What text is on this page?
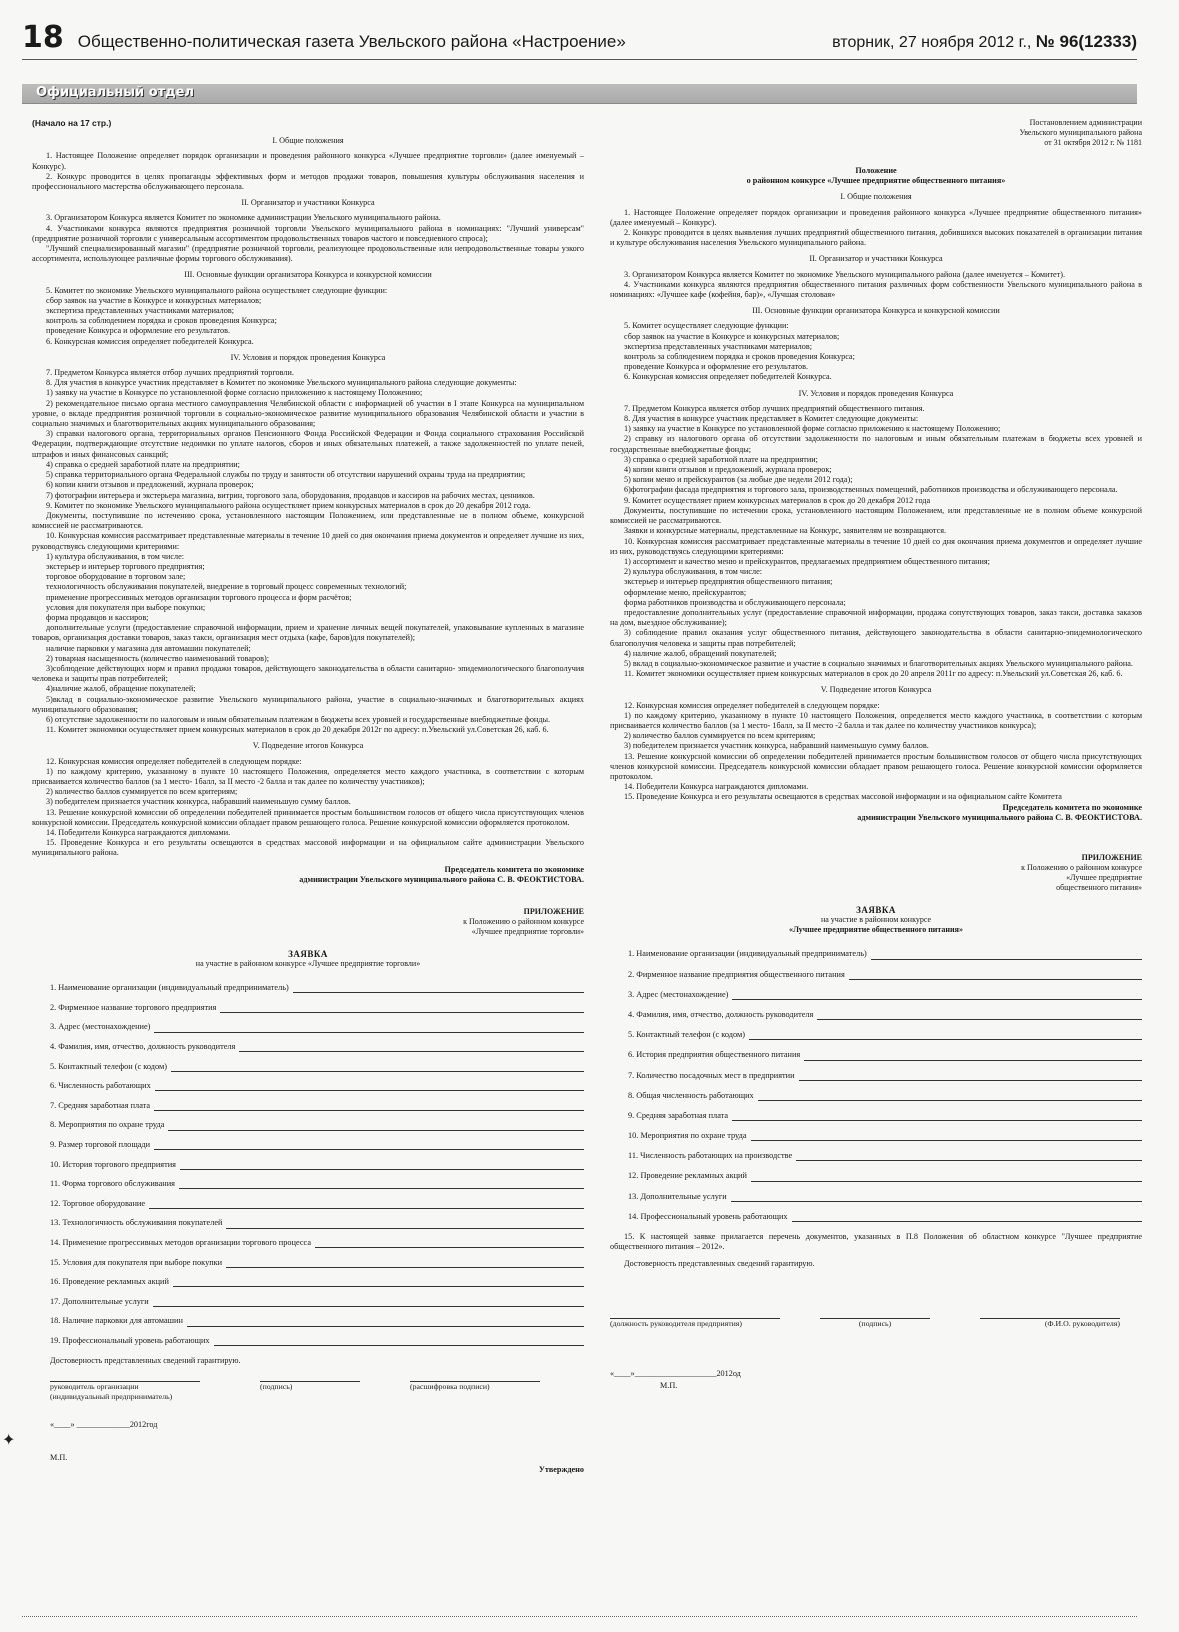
18 Общественно-политическая газета Увельского района «Настроение»	вторник, 27 ноября 2012 г., № 96(12333)
Официальный отдел
(Начало на 17 стр.)
I. Общие положения
1. Настоящее Положение определяет порядок организации и проведения районного конкурса «Лучшее предприятие торговли» (далее именуемый – Конкурс).
2. Конкурс проводится в целях пропаганды эффективных форм и методов продажи товаров, повышения культуры обслуживания населения и профессионального мастерства обслуживающего персонала.
II. Организатор и участники Конкурса
3. Организатором Конкурса является Комитет по экономике администрации Увельского муниципального района.
4. Участниками конкурса являются предприятия розничной торговли Увельского муниципального района в номинациях: "Лучший универсам" (предприятие розничной торговли с универсальным ассортиментом продовольственных товаров частого и повседневного спроса);
"Лучший специализированный магазин" (предприятие розничной торговли, реализующее продовольственные или непродовольственные товары узкого ассортимента, использующее различные формы торгового обслуживания).
III. Основные функции организатора Конкурса и конкурсной комиссии
5. Комитет по экономике Увельского муниципального района осуществляет следующие функции:
сбор заявок на участие в Конкурсе и конкурсных материалов;
экспертиза представленных участниками материалов;
контроль за соблюдением порядка и сроков проведения Конкурса;
проведение Конкурса и оформление его результатов.
6. Конкурсная комиссия определяет победителей Конкурса.
IV. Условия и порядок проведения Конкурса
7. Предметом Конкурса является отбор лучших предприятий торговли.
8. Для участия в конкурсе участник представляет в Комитет по экономике Увельского муниципального района следующие документы:
1) заявку на участие в Конкурсе по установленной форме согласно приложению к настоящему Положению;
2) рекомендательное письмо органа местного самоуправления Челябинской области с информацией об участии в I этапе Конкурса на муниципальном уровне, о вкладе предприятия розничной торговли в социально-экономическое развитие муниципального образования Челябинской области и участии в социально значимых и благотворительных акциях муниципального образования;
3) справки налогового органа, территориальных органов Пенсионного Фонда Российской Федерации и Фонда социального страхования Российской Федерации, подтверждающие отсутствие недоимки по уплате налогов, сборов и иных обязательных платежей, а также задолженностей по уплате пеней, штрафов и иных финансовых санкций;
4) справка о средней заработной плате на предприятии;
5) справка территориального органа Федеральной службы по труду и занятости об отсутствии нарушений охраны труда на предприятии;
6) копии книги отзывов и предложений, журнала проверок;
7) фотографии интерьера и экстерьера магазина, витрин, торгового зала, оборудования, продавцов и кассиров на рабочих местах, ценников.
9. Комитет по экономике Увельского муниципального района осуществляет прием конкурсных материалов в срок до 20 декабря 2012 года.
Документы, поступившие по истечению срока, установленного настоящим Положением, или представленные не в полном объеме, конкурсной комиссией не рассматриваются.
10. Конкурсная комиссия рассматривает представленные материалы в течение 10 дней со дня окончания приема документов и определяет лучшие из них, руководствуясь следующими критериями:
1) культура обслуживания, в том числе:
экстерьер и интерьер торгового предприятия;
торговое оборудование в торговом зале;
технологичность обслуживания покупателей, внедрение в торговый процесс современных технологий;
применение прогрессивных методов организации торгового процесса и форм расчётов;
условия для покупателя при выборе покупки;
форма продавцов и кассиров;
дополнительные услуги (предоставление справочной информации, прием и хранение личных вещей покупателей, упаковывание купленных в магазине товаров, организация доставки товаров, заказ такси, организация мест отдыха (кафе, баров)для покупателей);
наличие парковки у магазина для автомашин покупателей;
2) товарная насыщенность (количество наименований товаров);
3)соблюдение действующих норм и правил продажи товаров, действующего законодательства в области санитарно- эпидемиологического благополучия человека и защиты прав потребителей;
4)наличие жалоб, обращение покупателей;
5)вклад в социально-экономическое развитие Увельского муниципального района, участие в социально-значимых и благотворительных акциях муниципального образования;
6) отсутствие задолженности по налоговым и иным обязательным платежам в бюджеты всех уровней и государственные внебюджетные фонды.
11. Комитет экономики осуществляет прием конкурсных материалов в срок до 20 декабря 2012г по адресу: п.Увельский ул.Советская 26, каб. 6.
V. Подведение итогов Конкурса
12. Конкурсная комиссия определяет победителей в следующем порядке:
1) по каждому критерию, указанному в пункте 10 настоящего Положения, определяется место каждого участника, в соответствии с которым присваивается количество баллов (за 1 место- 1балл, за II место -2 балла и так далее по количеству участников);
2) количество баллов суммируется по всем критериям;
3) победителем признается участник конкурса, набравший наименьшую сумму баллов.
13. Решение конкурсной комиссии об определении победителей принимается простым большинством голосов от общего числа присутствующих членов конкурсной комиссии. Председатель конкурсной комиссии обладает правом решающего голоса. Решение конкурсной комиссии оформляется протоколом.
14. Победители Конкурса награждаются дипломами.
15. Проведение Конкурса и его результаты освещаются в средствах массовой информации и на официальном сайте администрации Увельского муниципального района.
Председатель комитета по экономике
администрации Увельского муниципального района С. В. ФЕОКТИСТОВА.
ПРИЛОЖЕНИЕ
к Положению о районном конкурсе
«Лучшее предприятие торговли»
ЗАЯВКА
на участие в районном конкурсе «Лучшее предприятие торговли»
1. Наименование организации (индивидуальный предприниматель)
2. Фирменное название торгового предприятия
3. Адрес (местонахождение)
4. Фамилия, имя, отчество, должность руководителя
5. Контактный телефон (с кодом)
6. Численность работающих
7. Средняя заработная плата
8. Мероприятия по охране труда
9. Размер торговой площади
10. История торгового предприятия
11. Форма торгового обслуживания
12. Торговое оборудование
13. Технологичность обслуживания покупателей
14. Применение прогрессивных методов организации торгового процесса
15. Условия для покупателя при выборе покупки
16. Проведение рекламных акций
17. Дополнительные услуги
18. Наличие парковки для автомашин
19. Профессиональный уровень работающих
Достоверность представленных сведений гарантирую.
руководитель организации
(индивидуальный предприниматель)
(подпись)	(расшифровка подписи)
«____» _____________2012год
М.П.
Утверждено
Постановлением администрации
Увельского муниципального района
от 31 октября 2012 г. № 1181
Положение
о районном конкурсе «Лучшее предприятие общественного питания»
I. Общие положения
1. Настоящее Положение определяет порядок организации и проведения районного конкурса «Лучшее предприятие общественного питания» (далее именуемый – Конкурс).
2. Конкурс проводится в целях выявления лучших предприятий общественного питания, добившихся высоких показателей в организации питания и культуре обслуживания населения Увельского муниципального района.
II. Организатор и участники Конкурса
3. Организатором Конкурса является Комитет по экономике Увельского муниципального района (далее именуется – Комитет).
4. Участниками конкурса являются предприятия общественного питания различных форм собственности Увельского муниципального района в номинациях: «Лучшее кафе (кофейня, бар)», «Лучшая столовая»
III. Основные функции организатора Конкурса и конкурсной комиссии
5. Комитет осуществляет следующие функции:
сбор заявок на участие в Конкурсе и конкурсных материалов;
экспертиза представленных участниками материалов;
контроль за соблюдением порядка и сроков проведения Конкурса;
проведение Конкурса и оформление его результатов.
6. Конкурсная комиссия определяет победителей Конкурса.
IV. Условия и порядок проведения Конкурса
7. Предметом Конкурса является отбор лучших предприятий общественного питания.
8. Для участия в конкурсе участник представляет в Комитет следующие документы:
1) заявку на участие в Конкурсе по установленной форме согласно приложению к настоящему Положению;
2) справку из налогового органа об отсутствии задолженности по налоговым и иным обязательным платежам в бюджеты всех уровней и государственные внебюджетные фонды;
3) справка о средней заработной плате на предприятии;
4) копии книги отзывов и предложений, журнала проверок;
5) копии меню и прейскурантов (за любые две недели 2012 года);
6)фотографии фасада предприятия и торгового зала, производственных помещений, работников производства и обслуживающего персонала.
9. Комитет осуществляет прием конкурсных материалов в срок до 20 декабря 2012 года
Документы, поступившие по истечении срока, установленного настоящим Положением, или представленные не в полном объеме конкурсной комиссией не рассматриваются.
Заявки и конкурсные материалы, представленные на Конкурс, заявителям не возвращаются.
10. Конкурсная комиссия рассматривает представленные материалы в течение 10 дней со дня окончания приема документов и определяет лучшие из них, руководствуясь следующими критериями:
1) ассортимент и качество меню и прейскурантов, предлагаемых предприятием общественного питания;
2) культура обслуживания, в том числе:
экстерьер и интерьер предприятия общественного питания;
оформление меню, прейскурантов;
форма работников производства и обслуживающего персонала;
предоставление дополнительных услуг (предоставление справочной информации, продажа сопутствующих товаров, заказ такси, доставка заказов на дом, выездное обслуживание);
3) соблюдение правил оказания услуг общественного питания, действующего законодательства в области санитарно-эпидемиологического благополучия человека и защиты прав потребителей;
4) наличие жалоб, обращений покупателей;
5) вклад в социально-экономическое развитие и участие в социально значимых и благотворительных акциях Увельского муниципального района.
11. Комитет экономики осуществляет прием конкурсных материалов в срок до 20 апреля 2011г по адресу: п.Увельский ул.Советская 26, каб. 6.
V. Подведение итогов Конкурса
12. Конкурсная комиссия определяет победителей в следующем порядке:
1) по каждому критерию, указанному в пункте 10 настоящего Положения, определяется место каждого участника, в соответствии с которым присваивается количество баллов (за 1 место- 1балл, за II место -2 балла и так далее по количеству участников конкурса);
2) количество баллов суммируется по всем критериям;
3) победителем признается участник конкурса, набравший наименьшую сумму баллов.
13. Решение конкурсной комиссии об определении победителей принимается простым большинством голосов от общего числа присутствующих членов конкурсной комиссии. Председатель конкурсной комиссии обладает правом решающего голоса. Решение конкурсной комиссии оформляется протоколом.
14. Победители Конкурса награждаются дипломами.
15. Проведение Конкурса и его результаты освещаются в средствах массовой информации и на официальном сайте Комитета
Председатель комитета по экономике
администрации Увельского муниципального района С. В. ФЕОКТИСТОВА.
ПРИЛОЖЕНИЕ
к Положению о районном конкурсе
«Лучшее предприятие
общественного питания»
ЗАЯВКА
на участие в районном конкурсе
«Лучшее предприятие общественного питания»
1. Наименование организации (индивидуальный предприниматель)
2. Фирменное название предприятия общественного питания
3. Адрес (местонахождение)
4. Фамилия, имя, отчество, должность руководителя
5. Контактный телефон (с кодом)
6. История предприятия общественного питания
7. Количество посадочных мест в предприятии
8. Общая численность работающих
9. Средняя заработная плата
10. Мероприятия по охране труда
11. Численность работающих на производстве
12. Проведение рекламных акций
13. Дополнительные услуги
14. Профессиональный уровень работающих
15. К настоящей заявке прилагается перечень документов, указанных в П.8 Положения об областном конкурсе "Лучшее предприятие общественного питания – 2012».
Достоверность представленных сведений гарантирую.
(должность руководителя предприятия)	(подпись)	(Ф.И.О. руководителя)
«____»____________________2012од
М.П.
✦
